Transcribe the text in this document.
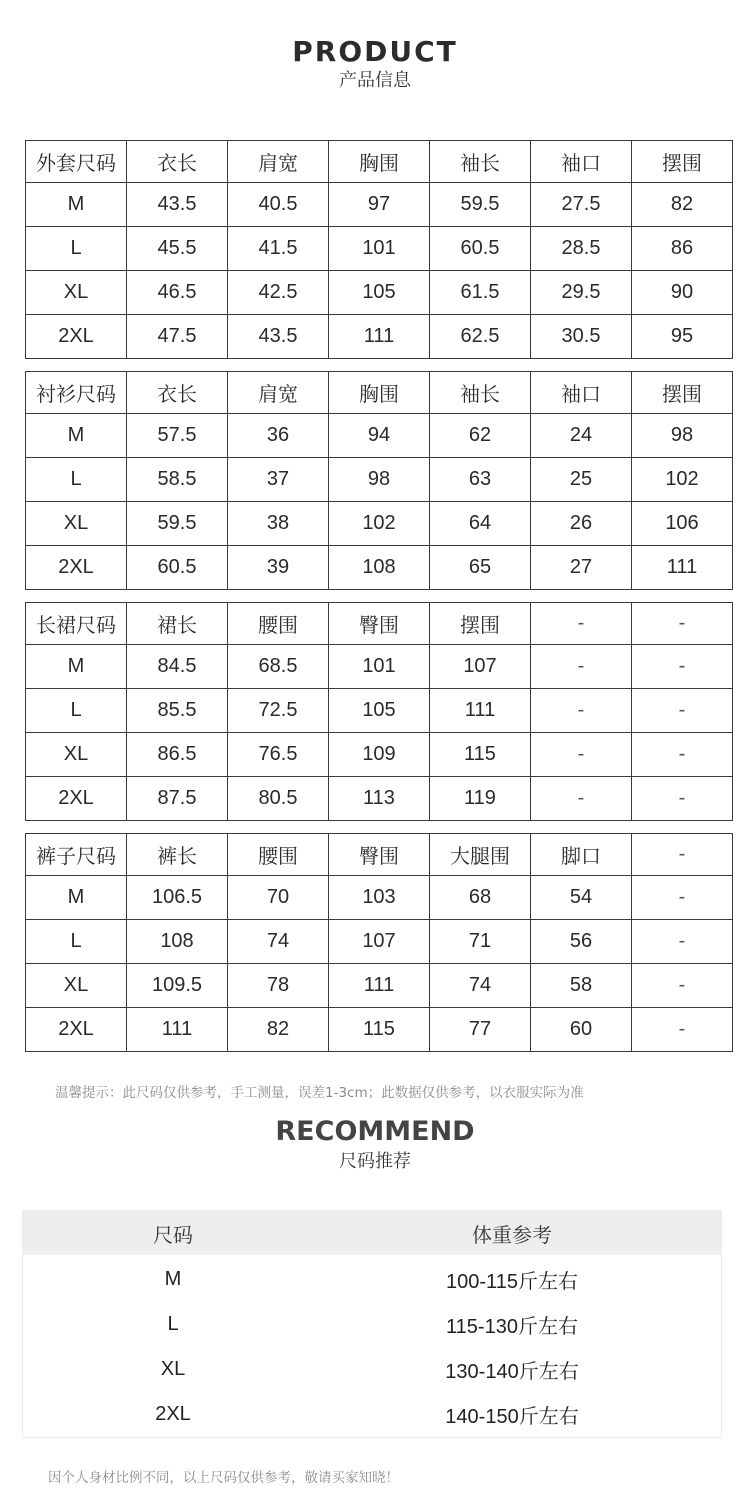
PRODUCT
产品信息
外套尺码	衣长	肩宽	胸围	袖长	袖口	摆围
M	43.5	40.5	97	59.5	27.5	82
L	45.5	41.5	101	60.5	28.5	86
XL	46.5	42.5	105	61.5	29.5	90
2XL	47.5	43.5	111	62.5	30.5	95
衬衫尺码	衣长	肩宽	胸围	袖长	袖口	摆围
M	57.5	36	94	62	24	98
L	58.5	37	98	63	25	102
XL	59.5	38	102	64	26	106
2XL	60.5	39	108	65	27	111
长裙尺码	裙长	腰围	臀围	摆围	-	-
M	84.5	68.5	101	107	-	-
L	85.5	72.5	105	111	-	-
XL	86.5	76.5	109	115	-	-
2XL	87.5	80.5	113	119	-	-
裤子尺码	裤长	腰围	臀围	大腿围	脚口	-
M	106.5	70	103	68	54	-
L	108	74	107	71	56	-
XL	109.5	78	111	74	58	-
2XL	111	82	115	77	60	-
温馨提示：此尺码仅供参考，手工测量，误差1-3cm；此数据仅供参考，以衣服实际为准
RECOMMEND
尺码推荐
尺码	体重参考
M	100-115斤左右
L	115-130斤左右
XL	130-140斤左右
2XL	140-150斤左右
因个人身材比例不同，以上尺码仅供参考，敬请买家知晓！
